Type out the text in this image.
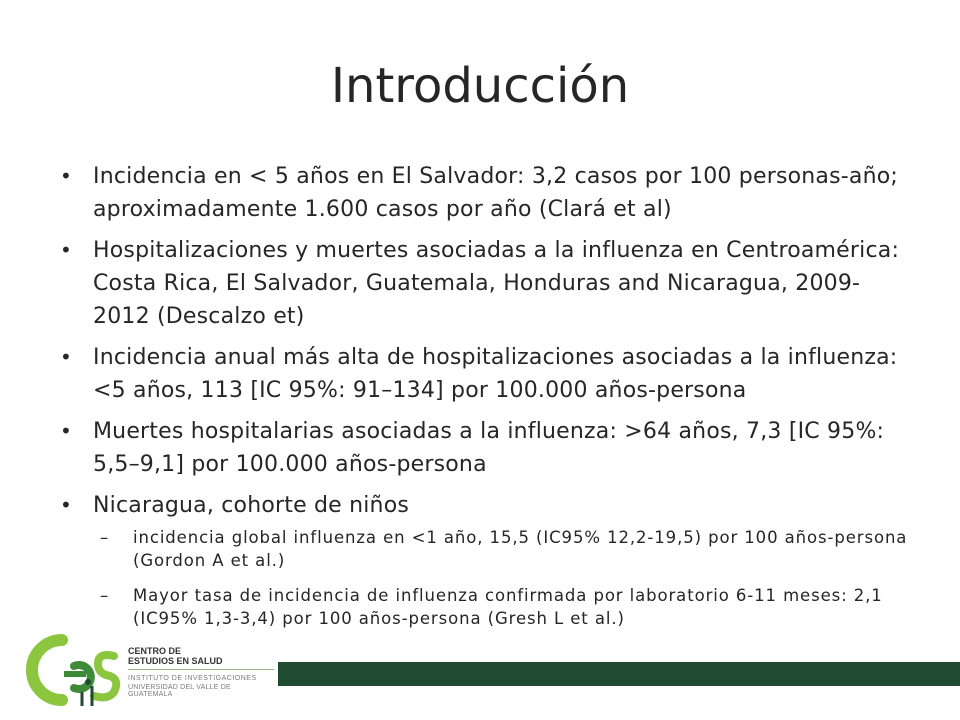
Introducción
• Incidencia en < 5 años en El Salvador: 3,2 casos por 100 personas-año; aproximadamente 1.600 casos por año (Clará et al)
• Hospitalizaciones y muertes asociadas a la influenza en Centroamérica: Costa Rica, El Salvador, Guatemala, Honduras and Nicaragua, 2009-2012 (Descalzo et)
• Incidencia anual más alta de hospitalizaciones asociadas a la influenza: <5 años, 113 [IC 95%: 91–134] por 100.000 años-persona
• Muertes hospitalarias asociadas a la influenza: >64 años, 7,3 [IC 95%: 5,5–9,1] por 100.000 años-persona
• Nicaragua, cohorte de niños
– incidencia global influenza en <1 año, 15,5 (IC95% 12,2-19,5) por 100 años-persona (Gordon A et al.)
– Mayor tasa de incidencia de influenza confirmada por laboratorio 6-11 meses: 2,1 (IC95% 1,3-3,4) por 100 años-persona (Gresh L et al.)
CENTRO DE
ESTUDIOS EN SALUD
INSTITUTO DE INVESTIGACIONES
UNIVERSIDAD DEL VALLE DE GUATEMALA
